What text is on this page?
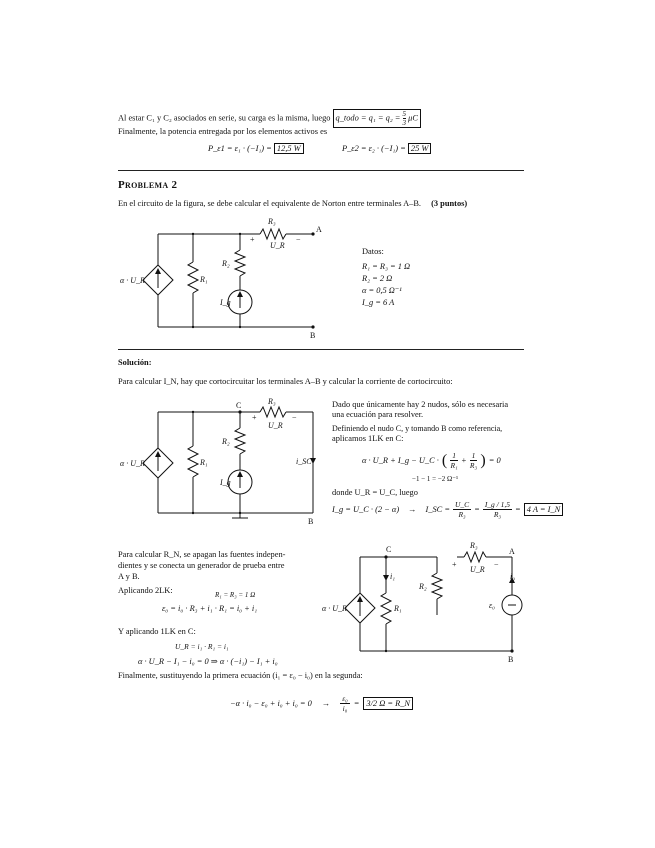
Al estar C₁ y C₂ asociados en serie, su carga es la misma, luego q_todo = $q_1 = q_2 = \frac{5}{3}$ μC
Finalmente, la potencia entregada por los elementos activos es
P_ε1 = ε₁ · (−I₁) = 12,5 W	P_ε2 = ε₂ · (−I₁) = 25 W
Problema 2
En el circuito de la figura, se debe calcular el equivalente de Norton entre terminales A–B. (3 puntos)
R₃
U_R
+	−
A
B
R₂
R₁
α · U_R
I_g
Datos:
R₁ = R₃ = 1 Ω
R₂ = 2 Ω
α = 0,5 Ω⁻¹
I_g = 6 A
Solución:
Para calcular I_N, hay que cortocircuitar los terminales A–B y calcular la corriente de cortocircuito:
C	R₃
U_R
+	−
R₂
R₁
α · U_R
I_g
i_SC
B
Dado que únicamente hay 2 nudos, sólo es necesaria
una ecuación para resolver.
Definiendo el nudo C, y tomando B como referencia,
aplicamos 1LK en C:
α · U_R + I_g − U_C · ( $\frac{1}{\text{R₁}} + \frac{1}{\text{R₃}}$ ) = 0
−1 − 1 = −2 Ω⁻¹
donde U_R = U_C, luego
I_g = U_C · (2 − α) → I_SC = $\frac{U\_C}{\text{R₃}} = \frac{I\_g / 1,5}{\text{R₃}} = 4$ A = I_N
Para calcular R_N, se apagan las fuentes indepen-
dientes y se conecta un generador de prueba entre
A y B.
Aplicando 2LK:	R₁ = R₃ = 1 Ω
ε₀ = i₀ · R₃ + i₁ · R₁ = i₀ + i₁
Y aplicando 1LK en C:
U_R = i₁ · R₁ = i₁
α · U_R − I₁ − i₀ = 0 ⇒ α · (−i₁) − I₁ + i₀
Finalmente, sustituyendo la primera ecuación (i₁ = ε₀ − i₀) en la segunda:
$-\alpha \cdot i_0 - \varepsilon_0 + i_0 + i_0 = 0 \to \frac{\text{ε₀}}{\text{i₀}} = 3/2$ Ω = R_N
C	R₃
U_R
+	−
A
i₀
ε₀
R₂
R₁
i₁
α · U_R
B
